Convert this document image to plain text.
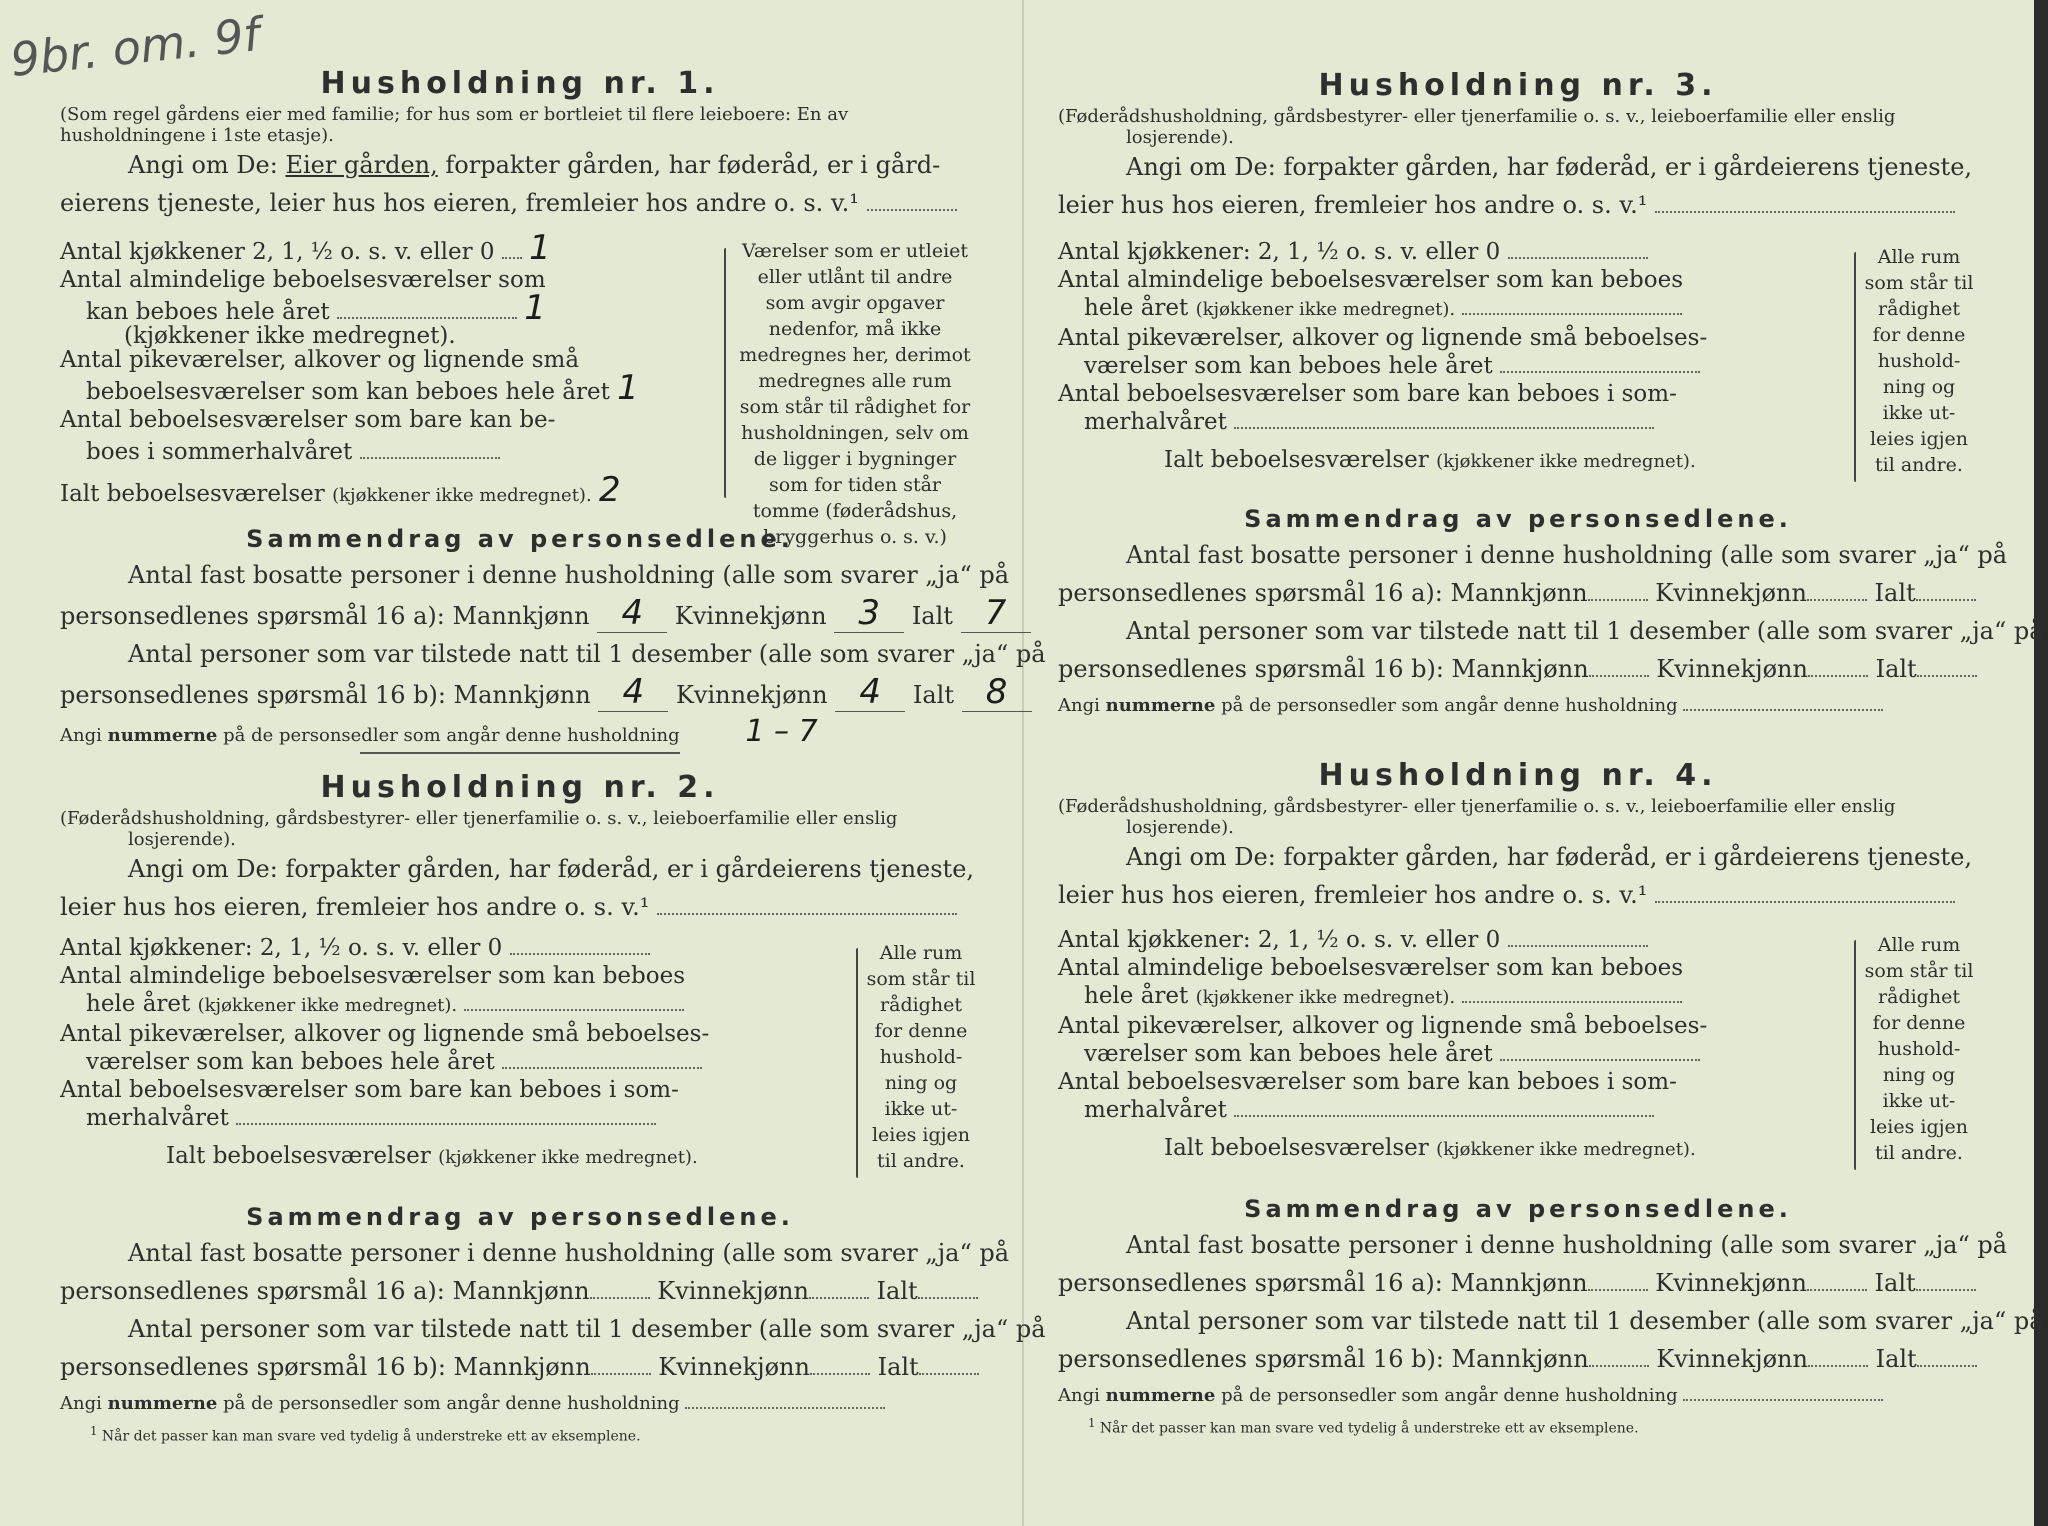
9br. om. 9f	Husholdning nr. 1.
(Som regel gårdens eier med familie; for hus som er bortleiet til flere leieboere: En av husholdningene i 1ste etasje).
Angi om De: Eier gården, forpakter gården, har føderåd, er i gård-
eierens tjeneste, leier hus hos eieren, fremleier hos andre o. s. v.¹
Antal kjøkkener 2, 1, ½ o. s. v. eller 0 1
Antal almindelige beboelsesværelser som
kan beboes hele året	1
(kjøkkener ikke medregnet).
Antal pikeværelser, alkover og lignende små
beboelsesværelser som kan beboes hele året 1
Antal beboelsesværelser som bare kan be-
boes i sommerhalvåret
Ialt beboelsesværelser (kjøkkener ikke medregnet). 2
Værelser som er utleiet eller utlånt til andre som avgir opgaver nedenfor, må ikke medregnes her, derimot medregnes alle rum som står til rådighet for husholdningen, selv om de ligger i bygninger som for tiden står tomme (føderådshus, bryggerhus o. s. v.)
Sammendrag av personsedlene.
Antal fast bosatte personer i denne husholdning (alle som svarer „ja“ på
personsedlenes spørsmål 16 a): Mannkjønn 4 Kvinnekjønn 3 Ialt 7
Antal personer som var tilstede natt til 1 desember (alle som svarer „ja“ på
personsedlenes spørsmål 16 b): Mannkjønn 4 Kvinnekjønn 4 Ialt 8
Angi nummerne på de personsedler som angår denne husholdning 1 – 7
Husholdning nr. 2.
(Føderådshusholdning, gårdsbestyrer- eller tjenerfamilie o. s. v., leieboerfamilie eller enslig losjerende).
Angi om De: forpakter gården, har føderåd, er i gårdeierens tjeneste,
leier hus hos eieren, fremleier hos andre o. s. v.¹
Antal kjøkkener: 2, 1, ½ o. s. v. eller 0
Antal almindelige beboelsesværelser som kan beboes
hele året (kjøkkener ikke medregnet).
Antal pikeværelser, alkover og lignende små beboelses-
værelser som kan beboes hele året
Antal beboelsesværelser som bare kan beboes i som-
merhalvåret
Ialt beboelsesværelser (kjøkkener ikke medregnet).
Alle rum som står til rådighet for denne hushold-ning og ikke ut-leies igjen til andre.
Sammendrag av personsedlene.
Antal fast bosatte personer i denne husholdning (alle som svarer „ja“ på
personsedlenes spørsmål 16 a): Mannkjønn	Kvinnekjønn	Ialt
Antal personer som var tilstede natt til 1 desember (alle som svarer „ja“ på
personsedlenes spørsmål 16 b): Mannkjønn	Kvinnekjønn	Ialt
Angi nummerne på de personsedler som angår denne husholdning
$^1$ Når det passer kan man svare ved tydelig å understreke ett av eksemplene.
Husholdning nr. 3.
(Føderådshusholdning, gårdsbestyrer- eller tjenerfamilie o. s. v., leieboerfamilie eller enslig losjerende).
Angi om De: forpakter gården, har føderåd, er i gårdeierens tjeneste,
leier hus hos eieren, fremleier hos andre o. s. v.¹
Antal kjøkkener: 2, 1, ½ o. s. v. eller 0
Antal almindelige beboelsesværelser som kan beboes
hele året (kjøkkener ikke medregnet).
Antal pikeværelser, alkover og lignende små beboelses-
værelser som kan beboes hele året
Antal beboelsesværelser som bare kan beboes i som-
merhalvåret
Ialt beboelsesværelser (kjøkkener ikke medregnet).
Alle rum som står til rådighet for denne hushold-ning og ikke ut-leies igjen til andre.
Sammendrag av personsedlene.
Antal fast bosatte personer i denne husholdning (alle som svarer „ja“ på
personsedlenes spørsmål 16 a): Mannkjønn	Kvinnekjønn	Ialt
Antal personer som var tilstede natt til 1 desember (alle som svarer „ja“ på
personsedlenes spørsmål 16 b): Mannkjønn	Kvinnekjønn	Ialt
Angi nummerne på de personsedler som angår denne husholdning
Husholdning nr. 4.
(Føderådshusholdning, gårdsbestyrer- eller tjenerfamilie o. s. v., leieboerfamilie eller enslig losjerende).
Angi om De: forpakter gården, har føderåd, er i gårdeierens tjeneste,
leier hus hos eieren, fremleier hos andre o. s. v.¹
Antal kjøkkener: 2, 1, ½ o. s. v. eller 0
Antal almindelige beboelsesværelser som kan beboes
hele året (kjøkkener ikke medregnet).
Antal pikeværelser, alkover og lignende små beboelses-
værelser som kan beboes hele året
Antal beboelsesværelser som bare kan beboes i som-
merhalvåret
Ialt beboelsesværelser (kjøkkener ikke medregnet).
Alle rum som står til rådighet for denne hushold-ning og ikke ut-leies igjen til andre.
Sammendrag av personsedlene.
Antal fast bosatte personer i denne husholdning (alle som svarer „ja“ på
personsedlenes spørsmål 16 a): Mannkjønn	Kvinnekjønn	Ialt
Antal personer som var tilstede natt til 1 desember (alle som svarer „ja“ på
personsedlenes spørsmål 16 b): Mannkjønn	Kvinnekjønn	Ialt
Angi nummerne på de personsedler som angår denne husholdning
$^1$ Når det passer kan man svare ved tydelig å understreke ett av eksemplene.
